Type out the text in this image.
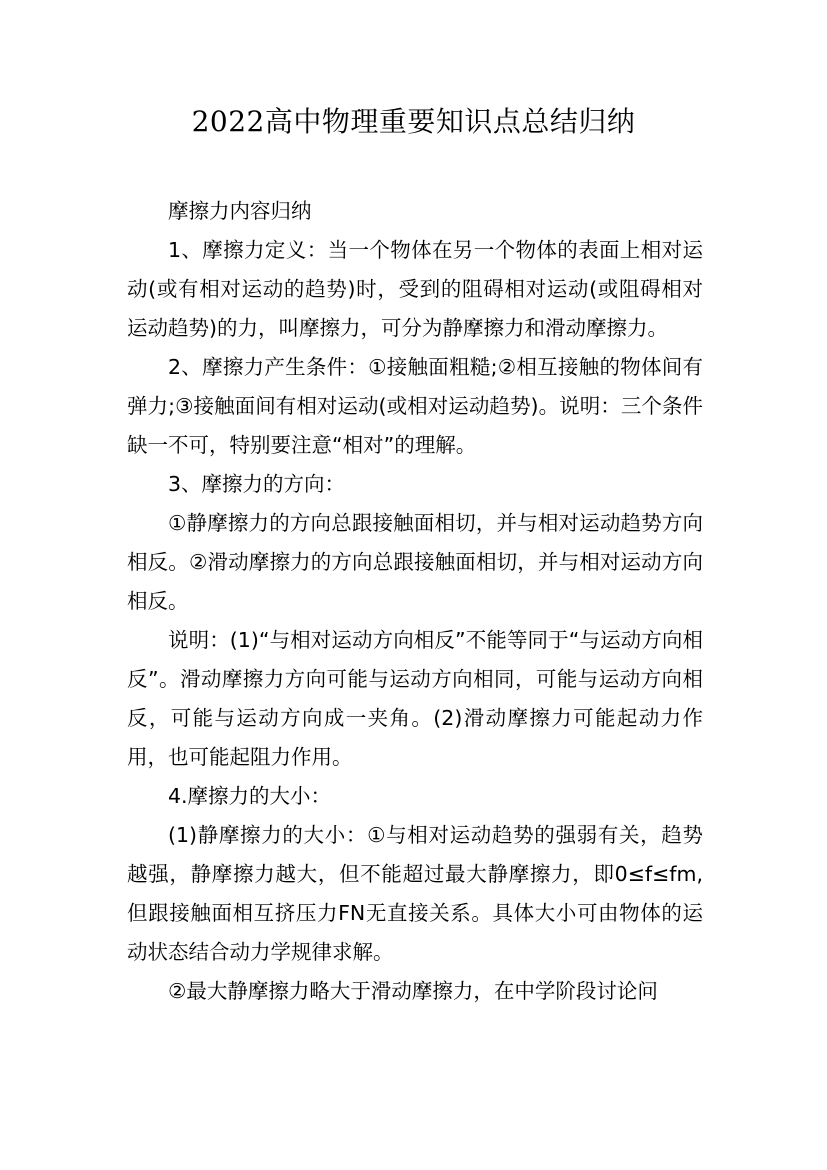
2022高中物理重要知识点总结归纳

摩擦力内容归纳

1、摩擦力定义：当一个物体在另一个物体的表面上相对运动(或有相对运动的趋势)时，受到的阻碍相对运动(或阻碍相对运动趋势)的力，叫摩擦力，可分为静摩擦力和滑动摩擦力。

2、摩擦力产生条件：①接触面粗糙;②相互接触的物体间有弹力;③接触面间有相对运动(或相对运动趋势)。说明：三个条件缺一不可，特别要注意“相对”的理解。

3、摩擦力的方向：

①静摩擦力的方向总跟接触面相切，并与相对运动趋势方向相反。②滑动摩擦力的方向总跟接触面相切，并与相对运动方向相反。

说明：(1)“与相对运动方向相反”不能等同于“与运动方向相反”。滑动摩擦力方向可能与运动方向相同，可能与运动方向相反，可能与运动方向成一夹角。(2)滑动摩擦力可能起动力作用，也可能起阻力作用。

4.摩擦力的大小：

(1)静摩擦力的大小：①与相对运动趋势的强弱有关，趋势越强，静摩擦力越大，但不能超过最大静摩擦力，即0≤f≤fm,但跟接触面相互挤压力FN无直接关系。具体大小可由物体的运动状态结合动力学规律求解。

②最大静摩擦力略大于滑动摩擦力，在中学阶段讨论问
